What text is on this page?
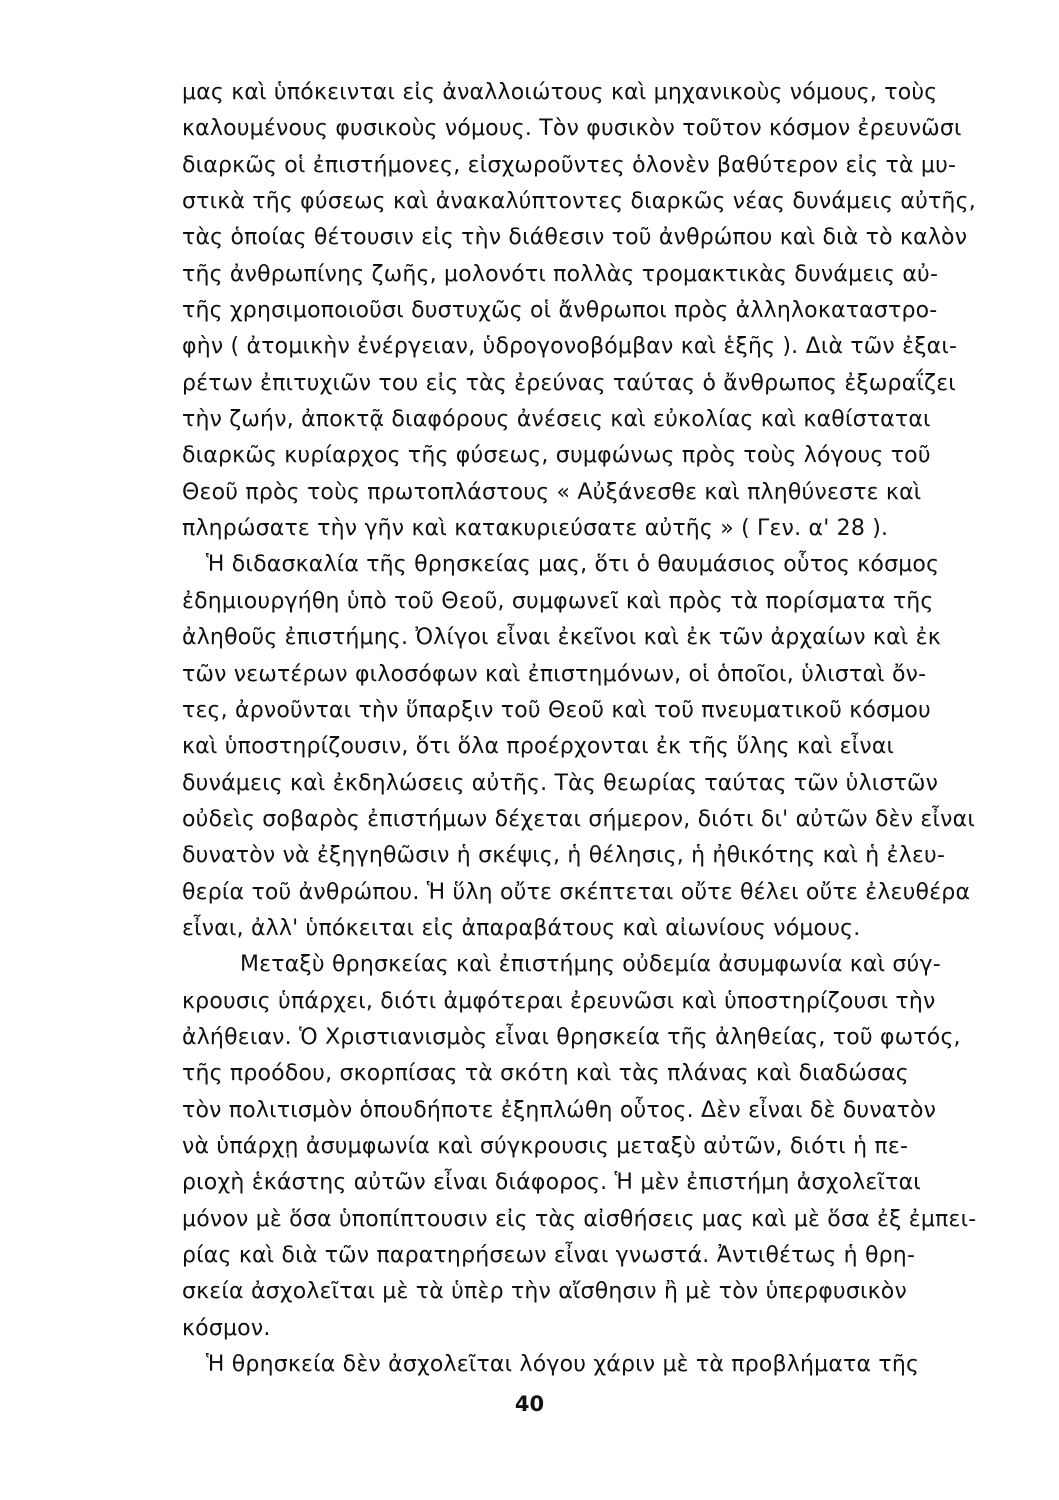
μας καὶ ὑπόκεινται εἰς ἀναλλοιώτους καὶ μηχανικοὺς νόμους, τοὺς
καλουμένους φυσικοὺς νόμους. Τὸν φυσικὸν τοῦτον κόσμον ἐρευνῶσι
διαρκῶς οἱ ἐπιστήμονες, εἰσχωροῦντες ὁλονὲν βαθύτερον εἰς τὰ μυ-
στικὰ τῆς φύσεως καὶ ἀνακαλύπτοντες διαρκῶς νέας δυνάμεις αὐτῆς,
τὰς ὁποίας θέτουσιν εἰς τὴν διάθεσιν τοῦ ἀνθρώπου καὶ διὰ τὸ καλὸν
τῆς ἀνθρωπίνης ζωῆς, μολονότι πολλὰς τρομακτικὰς δυνάμεις αὐ-
τῆς χρησιμοποιοῦσι δυστυχῶς οἱ ἄνθρωποι πρὸς ἀλληλοκαταστρο-
φὴν ( ἀτομικὴν ἐνέργειαν, ὑδρογονοβόμβαν καὶ ἑξῆς ). Διὰ τῶν ἐξαι-
ρέτων ἐπιτυχιῶν του εἰς τὰς ἐρεύνας ταύτας ὁ ἄνθρωπος ἐξωραΐζει
τὴν ζωήν, ἀποκτᾷ διαφόρους ἀνέσεις καὶ εὐκολίας καὶ καθίσταται
διαρκῶς κυρίαρχος τῆς φύσεως, συμφώνως πρὸς τοὺς λόγους τοῦ
Θεοῦ πρὸς τοὺς πρωτοπλάστους « Αὐξάνεσθε καὶ πληθύνεστε καὶ
πληρώσατε τὴν γῆν καὶ κατακυριεύσατε αὐτῆς » ( Γεν. α' 28 ).
Ἡ διδασκαλία τῆς θρησκείας μας, ὅτι ὁ θαυμάσιος οὗτος κόσμος
ἐδημιουργήθη ὑπὸ τοῦ Θεοῦ, συμφωνεῖ καὶ πρὸς τὰ πορίσματα τῆς
ἀληθοῦς ἐπιστήμης. Ὀλίγοι εἶναι ἐκεῖνοι καὶ ἐκ τῶν ἀρχαίων καὶ ἐκ
τῶν νεωτέρων φιλοσόφων καὶ ἐπιστημόνων, οἱ ὁποῖοι, ὑλισταὶ ὄν-
τες, ἀρνοῦνται τὴν ὕπαρξιν τοῦ Θεοῦ καὶ τοῦ πνευματικοῦ κόσμου
καὶ ὑποστηρίζουσιν, ὅτι ὅλα προέρχονται ἐκ τῆς ὕλης καὶ εἶναι
δυνάμεις καὶ ἐκδηλώσεις αὐτῆς. Τὰς θεωρίας ταύτας τῶν ὑλιστῶν
οὐδεὶς σοβαρὸς ἐπιστήμων δέχεται σήμερον, διότι δι' αὐτῶν δὲν εἶναι
δυνατὸν νὰ ἐξηγηθῶσιν ἡ σκέψις, ἡ θέλησις, ἡ ἠθικότης καὶ ἡ ἐλευ-
θερία τοῦ ἀνθρώπου. Ἡ ὕλη οὔτε σκέπτεται οὔτε θέλει οὔτε ἐλευθέρα
εἶναι, ἀλλ' ὑπόκειται εἰς ἀπαραβάτους καὶ αἰωνίους νόμους.
Μεταξὺ θρησκείας καὶ ἐπιστήμης οὐδεμία ἀσυμφωνία καὶ σύγ-
κρουσις ὑπάρχει, διότι ἀμφότεραι ἐρευνῶσι καὶ ὑποστηρίζουσι τὴν
ἀλήθειαν. Ὁ Χριστιανισμὸς εἶναι θρησκεία τῆς ἀληθείας, τοῦ φωτός,
τῆς προόδου, σκορπίσας τὰ σκότη καὶ τὰς πλάνας καὶ διαδώσας
τὸν πολιτισμὸν ὁπουδήποτε ἐξηπλώθη οὗτος. Δὲν εἶναι δὲ δυνατὸν
νὰ ὑπάρχῃ ἀσυμφωνία καὶ σύγκρουσις μεταξὺ αὐτῶν, διότι ἡ πε-
ριοχὴ ἑκάστης αὐτῶν εἶναι διάφορος. Ἡ μὲν ἐπιστήμη ἀσχολεῖται
μόνον μὲ ὅσα ὑποπίπτουσιν εἰς τὰς αἰσθήσεις μας καὶ μὲ ὅσα ἐξ ἐμπει-
ρίας καὶ διὰ τῶν παρατηρήσεων εἶναι γνωστά. Ἀντιθέτως ἡ θρη-
σκεία ἀσχολεῖται μὲ τὰ ὑπὲρ τὴν αἴσθησιν ἢ μὲ τὸν ὑπερφυσικὸν
κόσμον.
Ἡ θρησκεία δὲν ἀσχολεῖται λόγου χάριν μὲ τὰ προβλήματα τῆς
40
